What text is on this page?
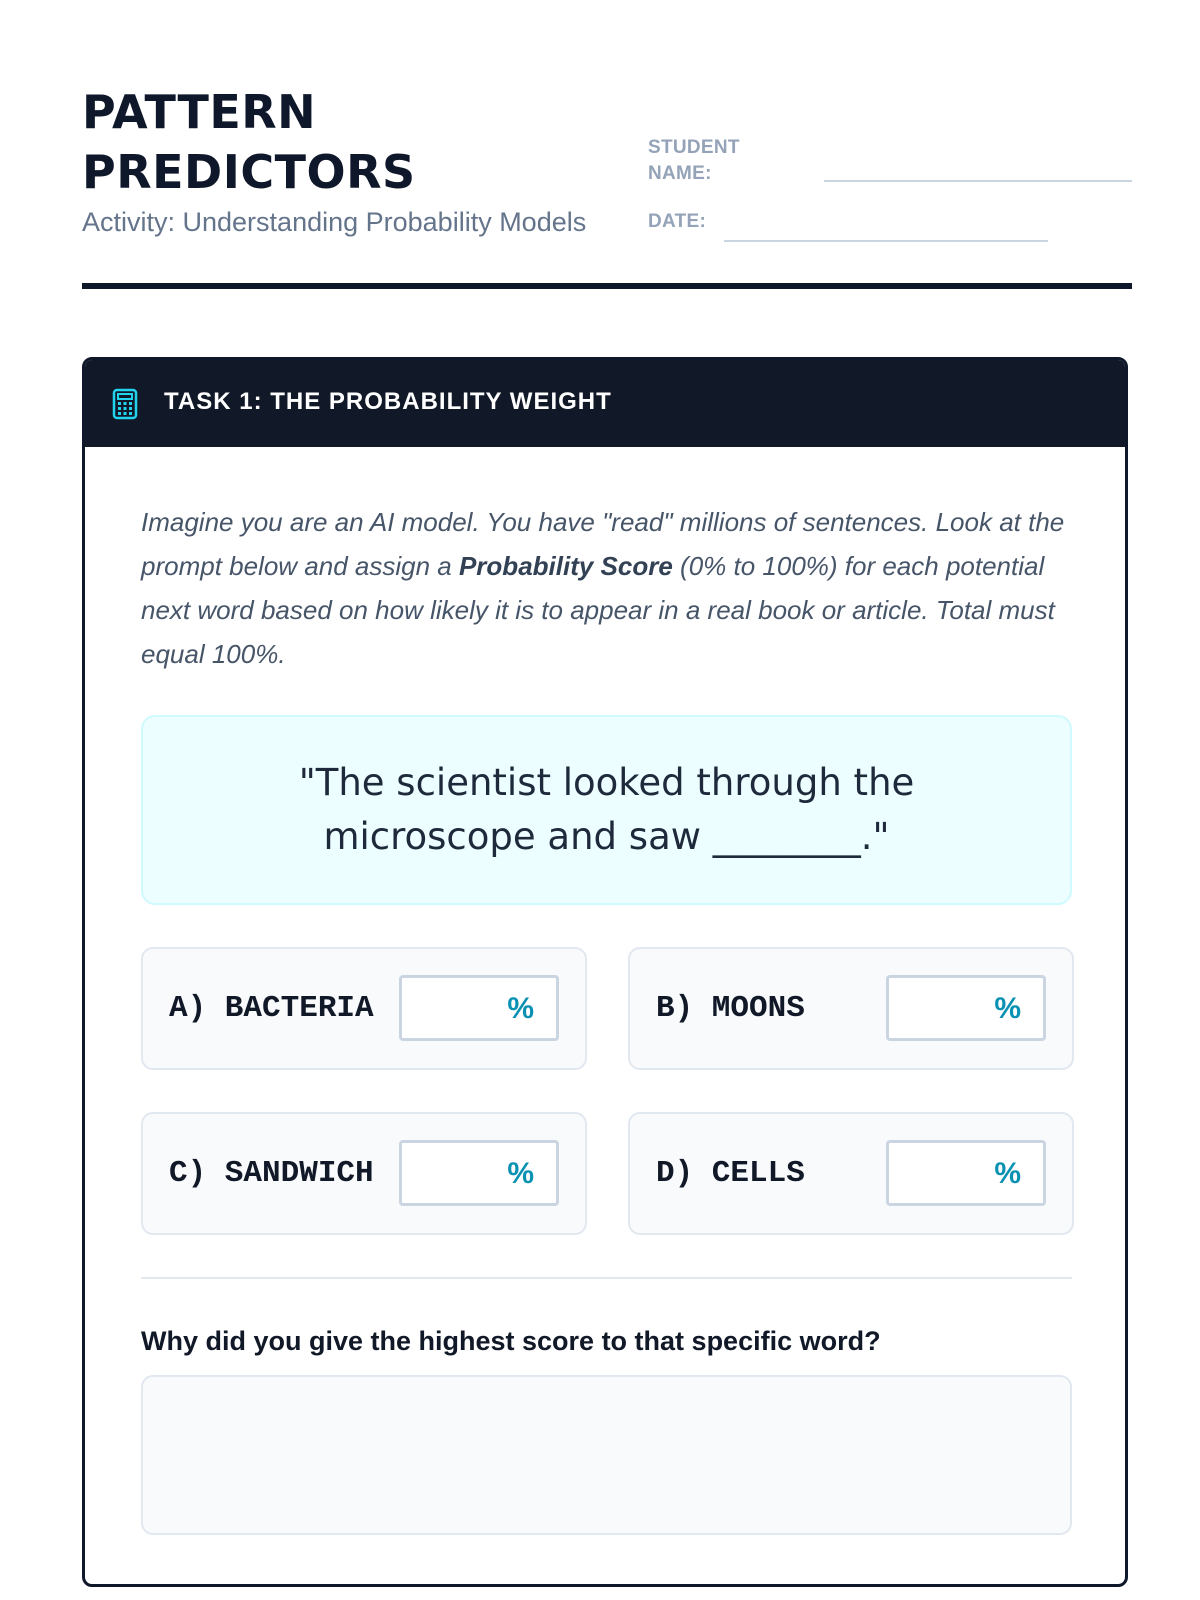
PATTERN
PREDICTORS
Activity: Understanding Probability Models
STUDENT NAME:
DATE:
TASK 1: THE PROBABILITY WEIGHT

Imagine you are an AI model. You have "read" millions of sentences. Look at the prompt below and assign a Probability Score (0% to 100%) for each potential next word based on how likely it is to appear in a real book or article. Total must equal 100%.

"The scientist looked through the microscope and saw ________."
A) BACTERIA	%	B) MOONS	%
C) SANDWICH	%	D) CELLS	%
Why did you give the highest score to that specific word?
